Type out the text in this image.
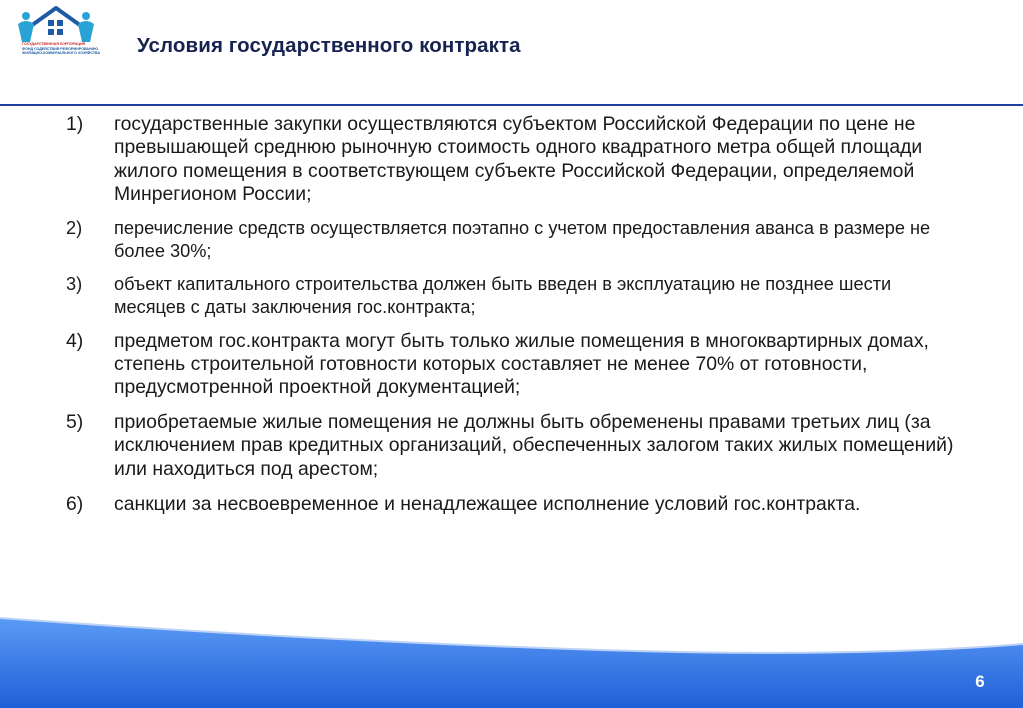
ГОСУДАРСТВЕННАЯ КОРПОРАЦИЯ
ФОНД СОДЕЙСТВИЯ РЕФОРМИРОВАНИЮ
ЖИЛИЩНО-КОММУНАЛЬНОГО ХОЗЯЙСТВА Условия государственного контракта
1)	государственные закупки осуществляются субъектом Российской Федерации по цене не превышающей среднюю рыночную стоимость одного квадратного метра общей площади жилого помещения в соответствующем субъекте Российской Федерации, определяемой Минрегионом России;
2)	перечисление средств осуществляется поэтапно с учетом предоставления аванса в размере не более 30%;
3)	объект капитального строительства должен быть введен в эксплуатацию не позднее шести месяцев с даты заключения гос.контракта;
4)	предметом гос.контракта могут быть только жилые помещения в многоквартирных домах, степень строительной готовности которых составляет не менее 70% от готовности, предусмотренной проектной документацией;
5)	приобретаемые жилые помещения не должны быть обременены правами третьих лиц (за исключением прав кредитных организаций, обеспеченных залогом таких жилых помещений) или находиться под арестом;
6)	санкции за несвоевременное и ненадлежащее исполнение условий гос.контракта.
6
